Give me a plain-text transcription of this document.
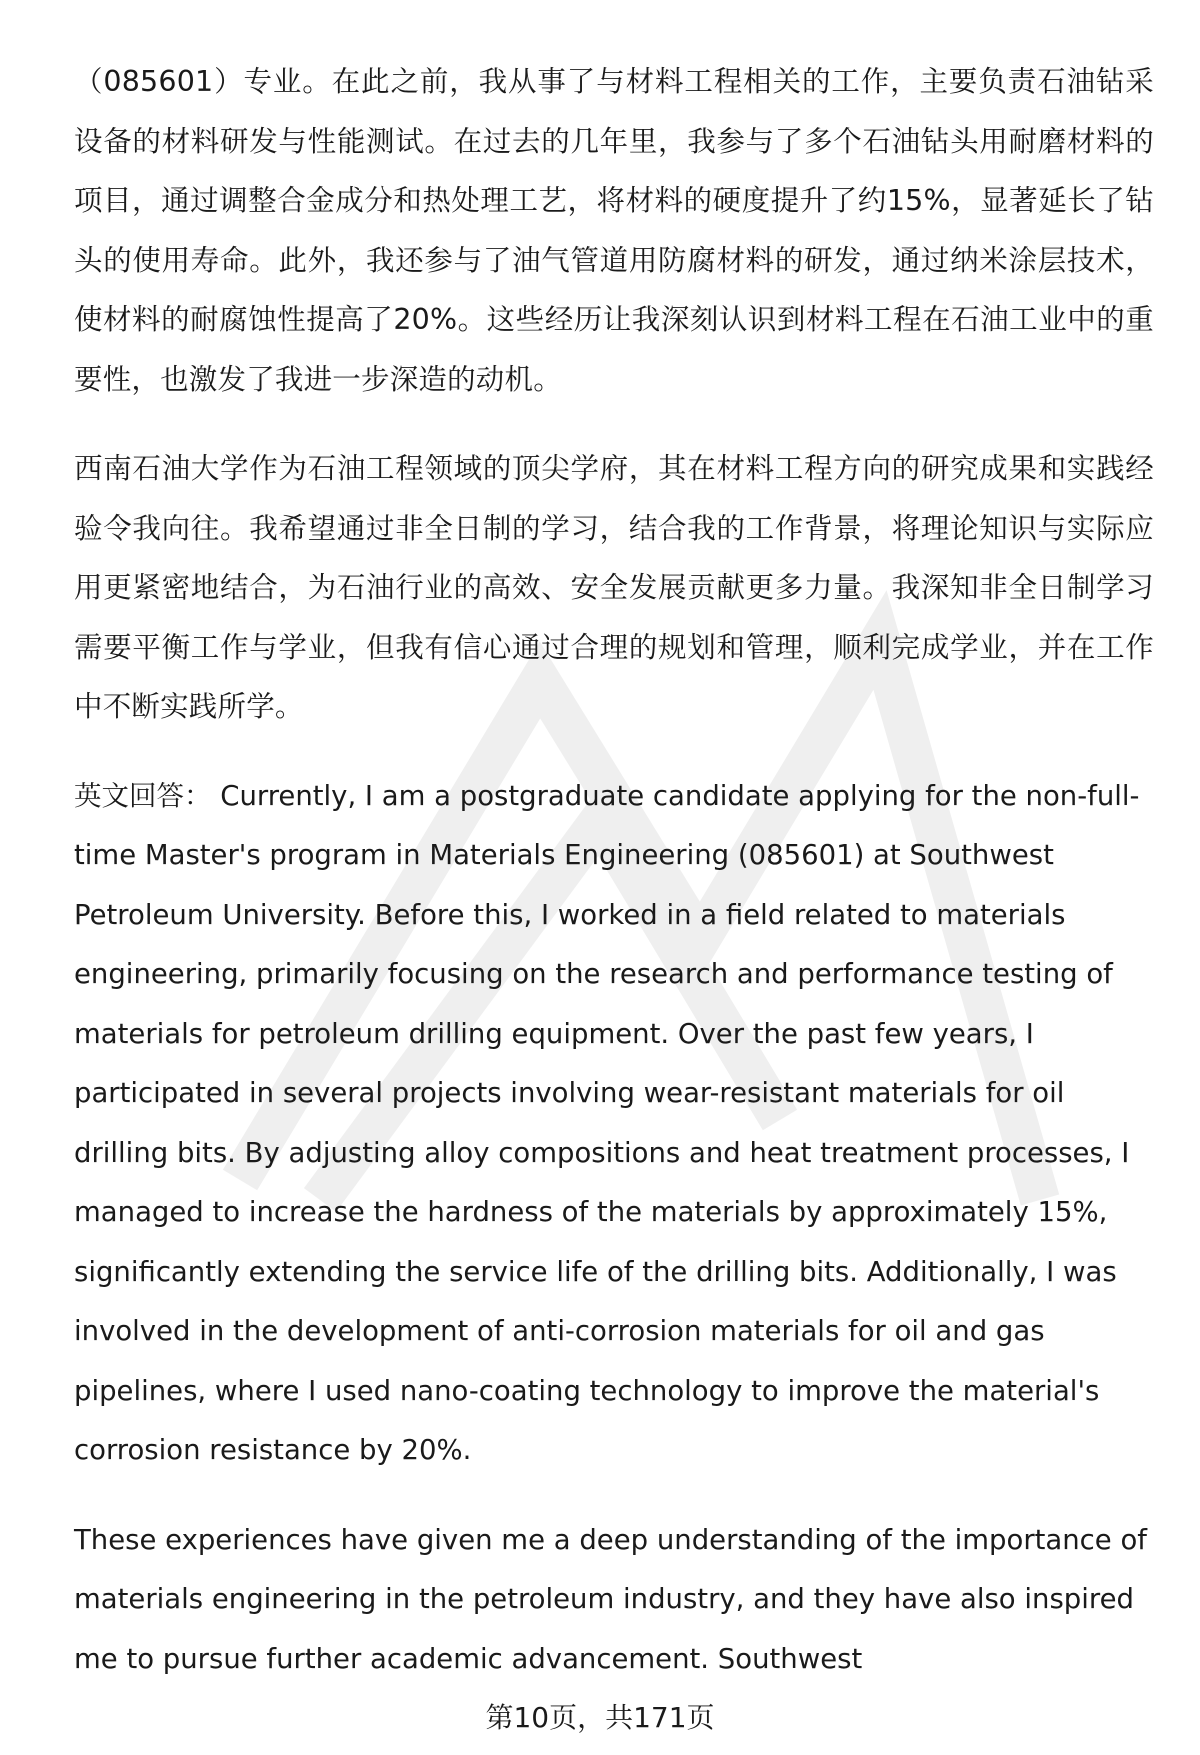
（085601）专业。在此之前，我从事了与材料工程相关的工作，主要负责石油钻采设备的材料研发与性能测试。在过去的几年里，我参与了多个石油钻头用耐磨材料的项目，通过调整合金成分和热处理工艺，将材料的硬度提升了约15%，显著延长了钻头的使用寿命。此外，我还参与了油气管道用防腐材料的研发，通过纳米涂层技术，使材料的耐腐蚀性提高了20%。这些经历让我深刻认识到材料工程在石油工业中的重要性，也激发了我进一步深造的动机。

西南石油大学作为石油工程领域的顶尖学府，其在材料工程方向的研究成果和实践经验令我向往。我希望通过非全日制的学习，结合我的工作背景，将理论知识与实际应用更紧密地结合，为石油行业的高效、安全发展贡献更多力量。我深知非全日制学习需要平衡工作与学业，但我有信心通过合理的规划和管理，顺利完成学业，并在工作中不断实践所学。

英文回答： Currently, I am a postgraduate candidate applying for the non-full-time Master's program in Materials Engineering (085601) at Southwest Petroleum University. Before this, I worked in a field related to materials engineering, primarily focusing on the research and performance testing of materials for petroleum drilling equipment. Over the past few years, I participated in several projects involving wear-resistant materials for oil drilling bits. By adjusting alloy compositions and heat treatment processes, I managed to increase the hardness of the materials by approximately 15%, significantly extending the service life of the drilling bits. Additionally, I was involved in the development of anti-corrosion materials for oil and gas pipelines, where I used nano-coating technology to improve the material's corrosion resistance by 20%.

These experiences have given me a deep understanding of the importance of materials engineering in the petroleum industry, and they have also inspired me to pursue further academic advancement. Southwest

第10页，共171页
